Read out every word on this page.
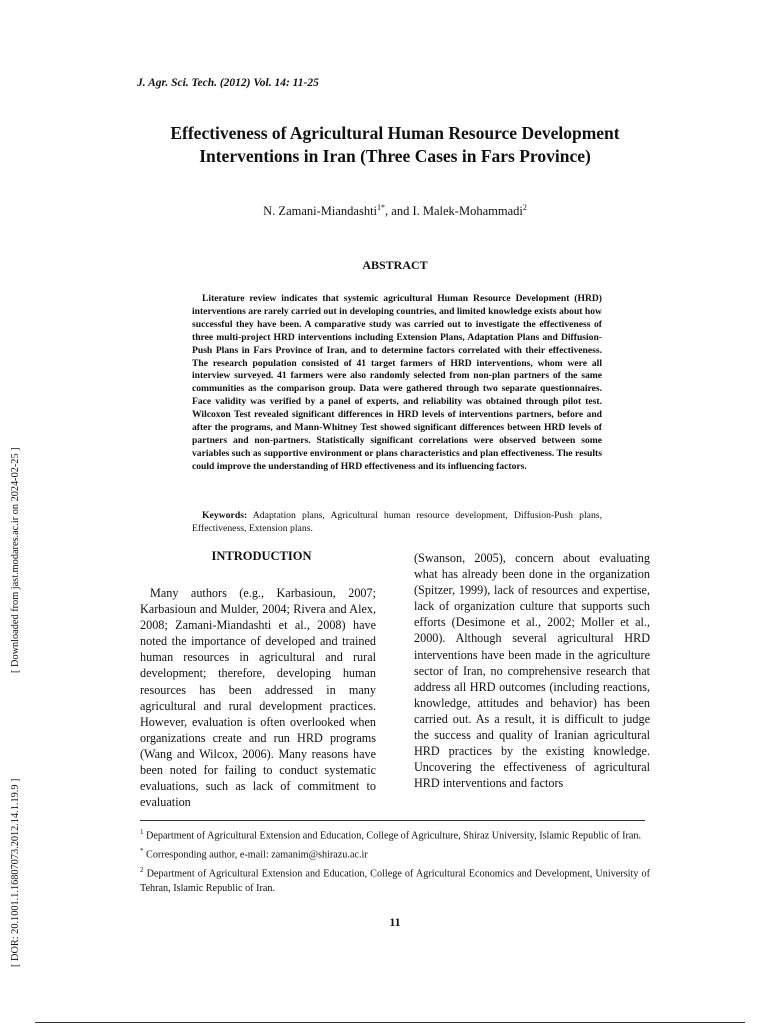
J. Agr. Sci. Tech. (2012) Vol. 14: 11-25
Effectiveness of Agricultural Human Resource Development Interventions in Iran (Three Cases in Fars Province)
N. Zamani-Miandashti$^{1*}$, and I. Malek-Mohammadi$^2$
ABSTRACT
Literature review indicates that systemic agricultural Human Resource Development (HRD) interventions are rarely carried out in developing countries, and limited knowledge exists about how successful they have been. A comparative study was carried out to investigate the effectiveness of three multi-project HRD interventions including Extension Plans, Adaptation Plans and Diffusion-Push Plans in Fars Province of Iran, and to determine factors correlated with their effectiveness. The research population consisted of 41 target farmers of HRD interventions, whom were all interview surveyed. 41 farmers were also randomly selected from non-plan partners of the same communities as the comparison group. Data were gathered through two separate questionnaires. Face validity was verified by a panel of experts, and reliability was obtained through pilot test. Wilcoxon Test revealed significant differences in HRD levels of interventions partners, before and after the programs, and Mann-Whitney Test showed significant differences between HRD levels of partners and non-partners. Statistically significant correlations were observed between some variables such as supportive environment or plans characteristics and plan effectiveness. The results could improve the understanding of HRD effectiveness and its influencing factors.
Keywords: Adaptation plans, Agricultural human resource development, Diffusion-Push plans, Effectiveness, Extension plans.
INTRODUCTION
Many authors (e.g., Karbasioun, 2007; Karbasioun and Mulder, 2004; Rivera and Alex, 2008; Zamani-Miandashti et al., 2008) have noted the importance of developed and trained human resources in agricultural and rural development; therefore, developing human resources has been addressed in many agricultural and rural development practices. However, evaluation is often overlooked when organizations create and run HRD programs (Wang and Wilcox, 2006). Many reasons have been noted for failing to conduct systematic evaluations, such as lack of commitment to evaluation
(Swanson, 2005), concern about evaluating what has already been done in the organization (Spitzer, 1999), lack of resources and expertise, lack of organization culture that supports such efforts (Desimone et al., 2002; Moller et al., 2000). Although several agricultural HRD interventions have been made in the agriculture sector of Iran, no comprehensive research that address all HRD outcomes (including reactions, knowledge, attitudes and behavior) has been carried out. As a result, it is difficult to judge the success and quality of Iranian agricultural HRD practices by the existing knowledge. Uncovering the effectiveness of agricultural HRD interventions and factors
$^1$ Department of Agricultural Extension and Education, College of Agriculture, Shiraz University, Islamic Republic of Iran.
* Corresponding author, e-mail: zamanim@shirazu.ac.ir
$^2$ Department of Agricultural Extension and Education, College of Agricultural Economics and Development, University of Tehran, Islamic Republic of Iran.
11
[ Downloaded from jast.modares.ac.ir on 2024-02-25 ]
[ DOR: 20.1001.1.16807073.2012.14.1.19.9 ]
